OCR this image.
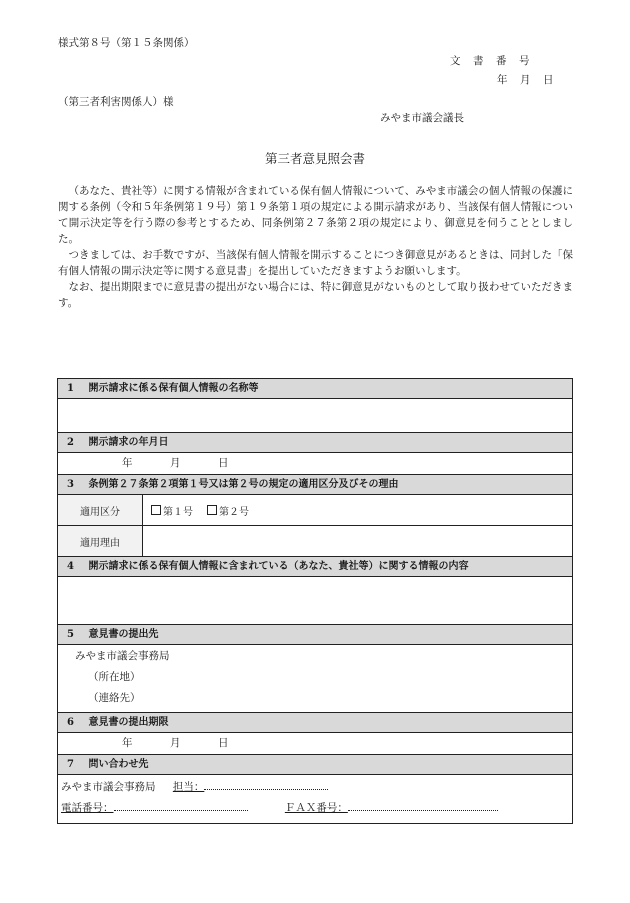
様式第８号（第１５条関係）
文　書　番　号
年　月　日
（第三者利害関係人）様
みやま市議会議長
第三者意見照会書

（あなた、貴社等）に関する情報が含まれている保有個人情報について、みやま市議会の個人情報の保護に関する条例（令和５年条例第１９号）第１９条第１項の規定による開示請求があり、当該保有個人情報について開示決定等を行う際の参考とするため、同条例第２７条第２項の規定により、御意見を伺うこととしました。

つきましては、お手数ですが、当該保有個人情報を開示することにつき御意見があるときは、同封した「保有個人情報の開示決定等に関する意見書」を提出していただきますようお願いします。

なお、提出期限までに意見書の提出がない場合には、特に御意見がないものとして取り扱わせていただきます。

1 開示請求に係る保有個人情報の名称等
2 開示請求の年月日
年	月	日
3 条例第２７条第２項第１号又は第２号の規定の適用区分及びその理由
適用区分	第１号	第２号
適用理由
4 開示請求に係る保有個人情報に含まれている（あなた、貴社等）に関する情報の内容
5 意見書の提出先
みやま市議会事務局
（所在地）
（連絡先）
6 意見書の提出期限
年	月	日
7 問い合わせ先
みやま市議会事務局 担当：
電話番号：	ＦＡＸ番号：
